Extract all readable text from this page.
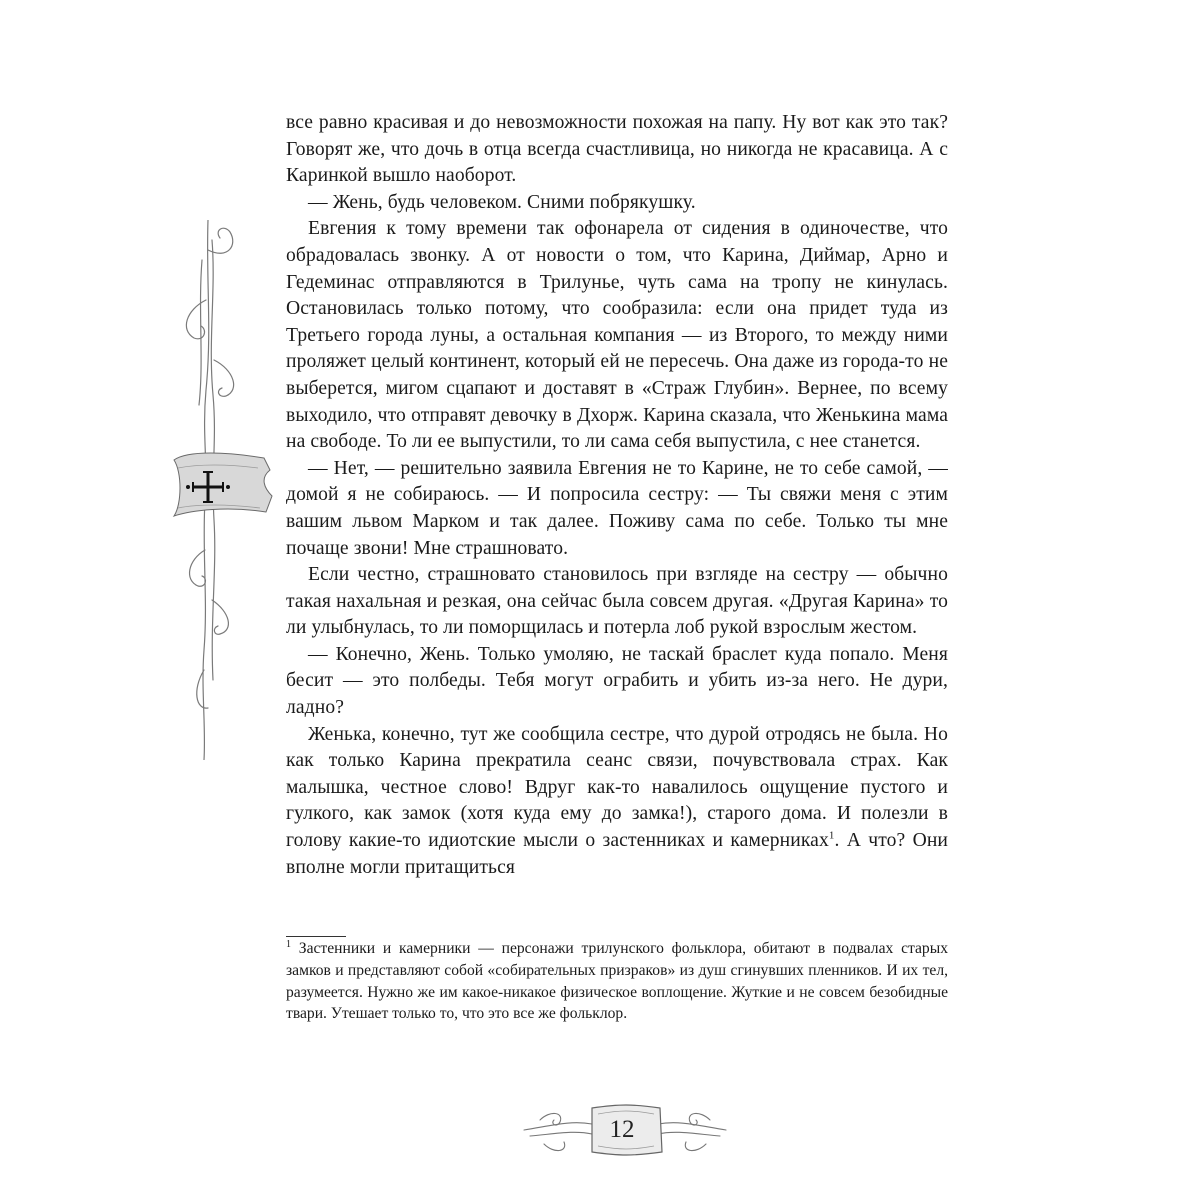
все равно красивая и до невозможности похожая на папу. Ну вот как это так? Говорят же, что дочь в отца всегда счастливица, но никогда не красавица. А с Каринкой вышло наоборот.

— Жень, будь человеком. Сними побрякушку.

Евгения к тому времени так офонарела от сидения в одиночестве, что обрадовалась звонку. А от новости о том, что Карина, Диймар, Арно и Гедеминас отправляются в Трилунье, чуть сама на тропу не кинулась. Остановилась только потому, что сообразила: если она придет туда из Третьего города луны, а остальная компания — из Второго, то между ними проляжет целый континент, который ей не пересечь. Она даже из города-то не выберется, мигом сцапают и доставят в «Страж Глубин». Вернее, по всему выходило, что отправят девочку в Дхорж. Карина сказала, что Женькина мама на свободе. То ли ее выпустили, то ли сама себя выпустила, с нее станется.

— Нет, — решительно заявила Евгения не то Карине, не то себе самой, — домой я не собираюсь. — И попросила сестру: — Ты свяжи меня с этим вашим львом Марком и так далее. Поживу сама по себе. Только ты мне почаще звони! Мне страшновато.

Если честно, страшновато становилось при взгляде на сестру — обычно такая нахальная и резкая, она сейчас была совсем другая. «Другая Карина» то ли улыбнулась, то ли поморщилась и потерла лоб рукой взрослым жестом.

— Конечно, Жень. Только умоляю, не таскай браслет куда попало. Меня бесит — это полбеды. Тебя могут ограбить и убить из-за него. Не дури, ладно?

Женька, конечно, тут же сообщила сестре, что дурой отродясь не была. Но как только Карина прекратила сеанс связи, почувствовала страх. Как малышка, честное слово! Вдруг как-то навалилось ощущение пустого и гулкого, как замок (хотя куда ему до замка!), старого дома. И полезли в голову какие-то идиотские мысли о застенниках и камерниках$^1$. А что? Они вполне могли притащиться

$^1$ Застенники и камерники — персонажи трилунского фольклора, обитают в подвалах старых замков и представляют собой «собирательных призраков» из душ сгинувших пленников. И их тел, разумеется. Нужно же им какое-никакое физическое воплощение. Жуткие и не совсем безобидные твари. Утешает только то, что это все же фольклор.
12
